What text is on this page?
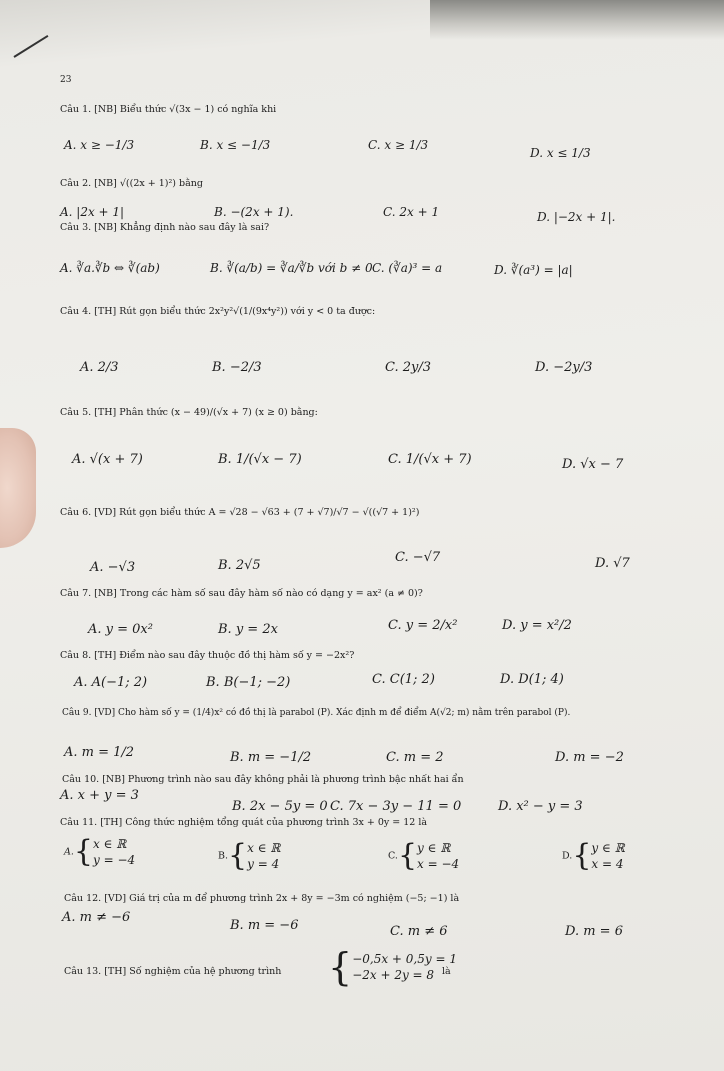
23
Câu 1. [NB] Biểu thức √(3x − 1) có nghĩa khi
A. x ≥ −1/3	B. x ≤ −1/3	C. x ≥ 1/3
D. x ≤ 1/3
Câu 2. [NB] √((2x + 1)²) bằng
A. |2x + 1|	B. −(2x + 1).	C. 2x + 1	D. |−2x + 1|.
Câu 3. [NB] Khẳng định nào sau đây là sai?
A. ∛a.∛b ⇔ ∛(ab)	B. ∛(a/b) = ∛a/∛b với b ≠ 0 C. (∛a)³ = a	D. ∛(a³) = |a|
Câu 4. [TH] Rút gọn biểu thức 2x²y²√(1/(9x⁴y²)) với y < 0 ta được:
A. 2/3	B. −2/3	C. 2y/3	D. −2y/3
Câu 5. [TH] Phân thức (x − 49)/(√x + 7) (x ≥ 0) bằng:
A. √(x + 7)	B. 1/(√x − 7)	C. 1/(√x + 7)	D. √x − 7
Câu 6. [VD] Rút gọn biểu thức A = √28 − √63 + (7 + √7)/√7 − √((√7 + 1)²)
A. −√3	B. 2√5
C. −√7	D. √7
Câu 7. [NB] Trong các hàm số sau đây hàm số nào có dạng y = ax² (a ≠ 0)?
A. y = 0x²	B. y = 2x	C. y = 2/x²	D. y = x²/2
Câu 8. [TH] Điểm nào sau đây thuộc đồ thị hàm số y = −2x²?
A. A(−1; 2)	B. B(−1; −2)	C. C(1; 2)	D. D(1; 4)
Câu 9. [VD] Cho hàm số y = (1/4)x² có đồ thị là parabol (P). Xác định m để điểm A(√2; m) nằm trên parabol (P).
A. m = 1/2	B. m = −1/2	C. m = 2	D. m = −2
Câu 10. [NB] Phương trình nào sau đây không phải là phương trình bậc nhất hai ẩn
A. x + y = 3
B. 2x − 5y = 0 C. 7x − 3y − 11 = 0	D. x² − y = 3
Câu 11. [TH] Công thức nghiệm tổng quát của phương trình 3x + 0y = 12 là
A.{x ∈ ℝ
y = −4	B.{x ∈ ℝ
y = 4
C.{y ∈ ℝ
x = −4
D.{y ∈ ℝ
x = 4
Câu 12. [VD] Giá trị của m để phương trình 2x + 8y = −3m có nghiệm (−5; −1) là
A. m ≠ −6
B. m = −6	C. m ≠ 6	D. m = 6
Câu 13. [TH] Số nghiệm của hệ phương trình {−0,5x + 0,5y = 1
−2x + 2y = 8 là
